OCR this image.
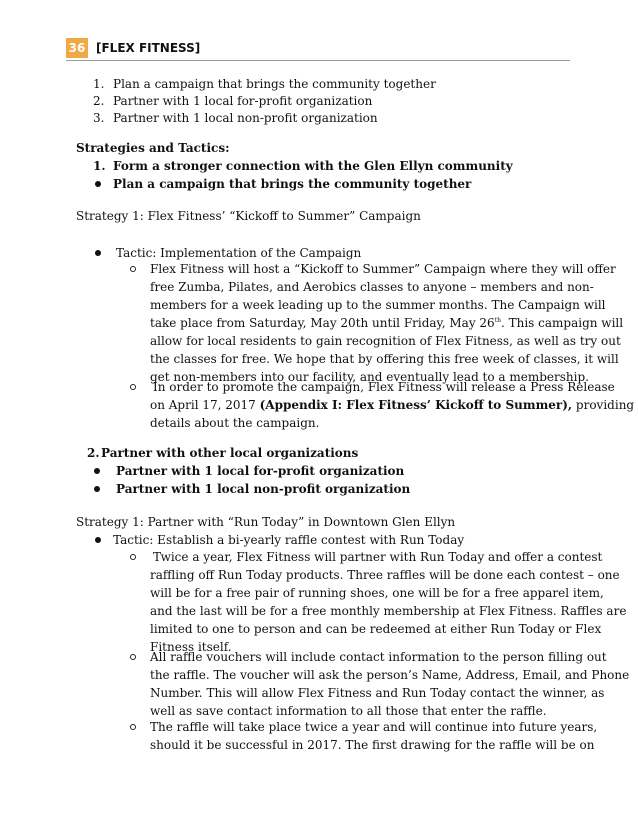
36 [FLEX FITNESS]
1. Plan a campaign that brings the community together
2. Partner with 1 local for-profit organization
3. Partner with 1 local non-profit organization
Strategies and Tactics:
1. Form a stronger connection with the Glen Ellyn community
Plan a campaign that brings the community together
Strategy 1: Flex Fitness’ “Kickoff to Summer” Campaign
Tactic: Implementation of the Campaign
Flex Fitness will host a “Kickoff to Summer” Campaign where they will offer
free Zumba, Pilates, and Aerobics classes to anyone – members and non-
members for a week leading up to the summer months. The Campaign will
take place from Saturday, May 20th until Friday, May 26th. This campaign will
allow for local residents to gain recognition of Flex Fitness, as well as try out
the classes for free. We hope that by offering this free week of classes, it will
get non-members into our facility, and eventually lead to a membership.
In order to promote the campaign, Flex Fitness will release a Press Release
on April 17, 2017 (Appendix I: Flex Fitness’ Kickoff to Summer), providing
details about the campaign.
2. Partner with other local organizations
Partner with 1 local for-profit organization
Partner with 1 local non-profit organization
Strategy 1: Partner with “Run Today” in Downtown Glen Ellyn
Tactic: Establish a bi-yearly raffle contest with Run Today
Twice a year, Flex Fitness will partner with Run Today and offer a contest
raffling off Run Today products. Three raffles will be done each contest – one
will be for a free pair of running shoes, one will be for a free apparel item,
and the last will be for a free monthly membership at Flex Fitness. Raffles are
limited to one to person and can be redeemed at either Run Today or Flex
Fitness itself.
All raffle vouchers will include contact information to the person filling out
the raffle. The voucher will ask the person’s Name, Address, Email, and Phone
Number. This will allow Flex Fitness and Run Today contact the winner, as
well as save contact information to all those that enter the raffle.
The raffle will take place twice a year and will continue into future years,
should it be successful in 2017. The first drawing for the raffle will be on
